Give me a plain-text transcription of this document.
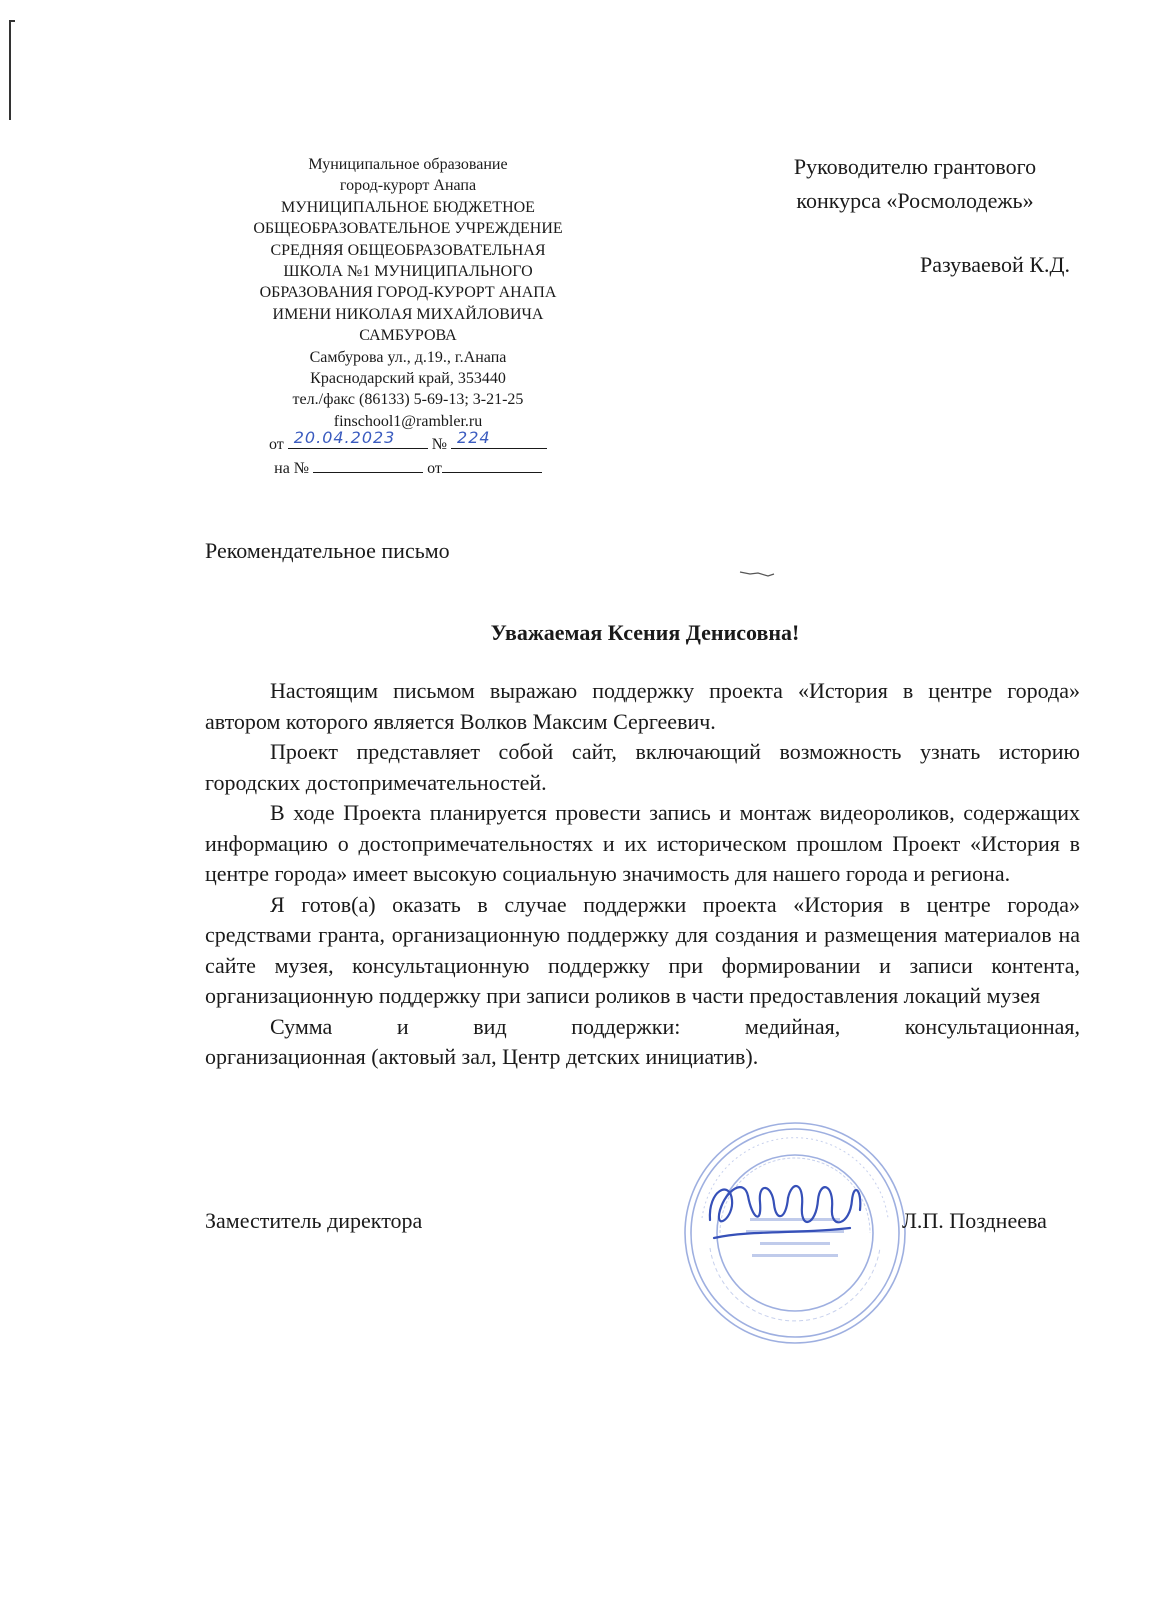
Муниципальное образование
город-курорт Анапа
МУНИЦИПАЛЬНОЕ БЮДЖЕТНОЕ
ОБЩЕОБРАЗОВАТЕЛЬНОЕ УЧРЕЖДЕНИЕ
СРЕДНЯЯ ОБЩЕОБРАЗОВАТЕЛЬНАЯ
ШКОЛА №1 МУНИЦИПАЛЬНОГО
ОБРАЗОВАНИЯ ГОРОД-КУРОРТ АНАПА
ИМЕНИ НИКОЛАЯ МИХАЙЛОВИЧА
САМБУРОВА
Самбурова ул., д.19., г.Анапа
Краснодарский край, 353440
тел./факс (86133) 5-69-13; 3-21-25
finschool1@rambler.ru
от 20.04.2023 № 224
на №	от
Руководителю грантового
конкурса «Росмолодежь»
Разуваевой К.Д.
Рекомендательное письмо
Уважаемая Ксения Денисовна!

Настоящим письмом выражаю поддержку проекта «История в центре города» автором которого является Волков Максим Сергеевич.

Проект представляет собой сайт, включающий возможность узнать историю городских достопримечательностей.

В ходе Проекта планируется провести запись и монтаж видеороликов, содержащих информацию о достопримечательностях и их историческом прошлом Проект «История в центре города» имеет высокую социальную значимость для нашего города и региона.

Я готов(а) оказать в случае поддержки проекта «История в центре города» средствами гранта, организационную поддержку для создания и размещения материалов на сайте музея, консультационную поддержку при формировании и записи контента, организационную поддержку при записи роликов в части предоставления локаций музея

Сумма и вид поддержки: медийная, консультационная,

организационная (актовый зал, Центр детских инициатив).

Заместитель директора	Л.П. Позднеева
